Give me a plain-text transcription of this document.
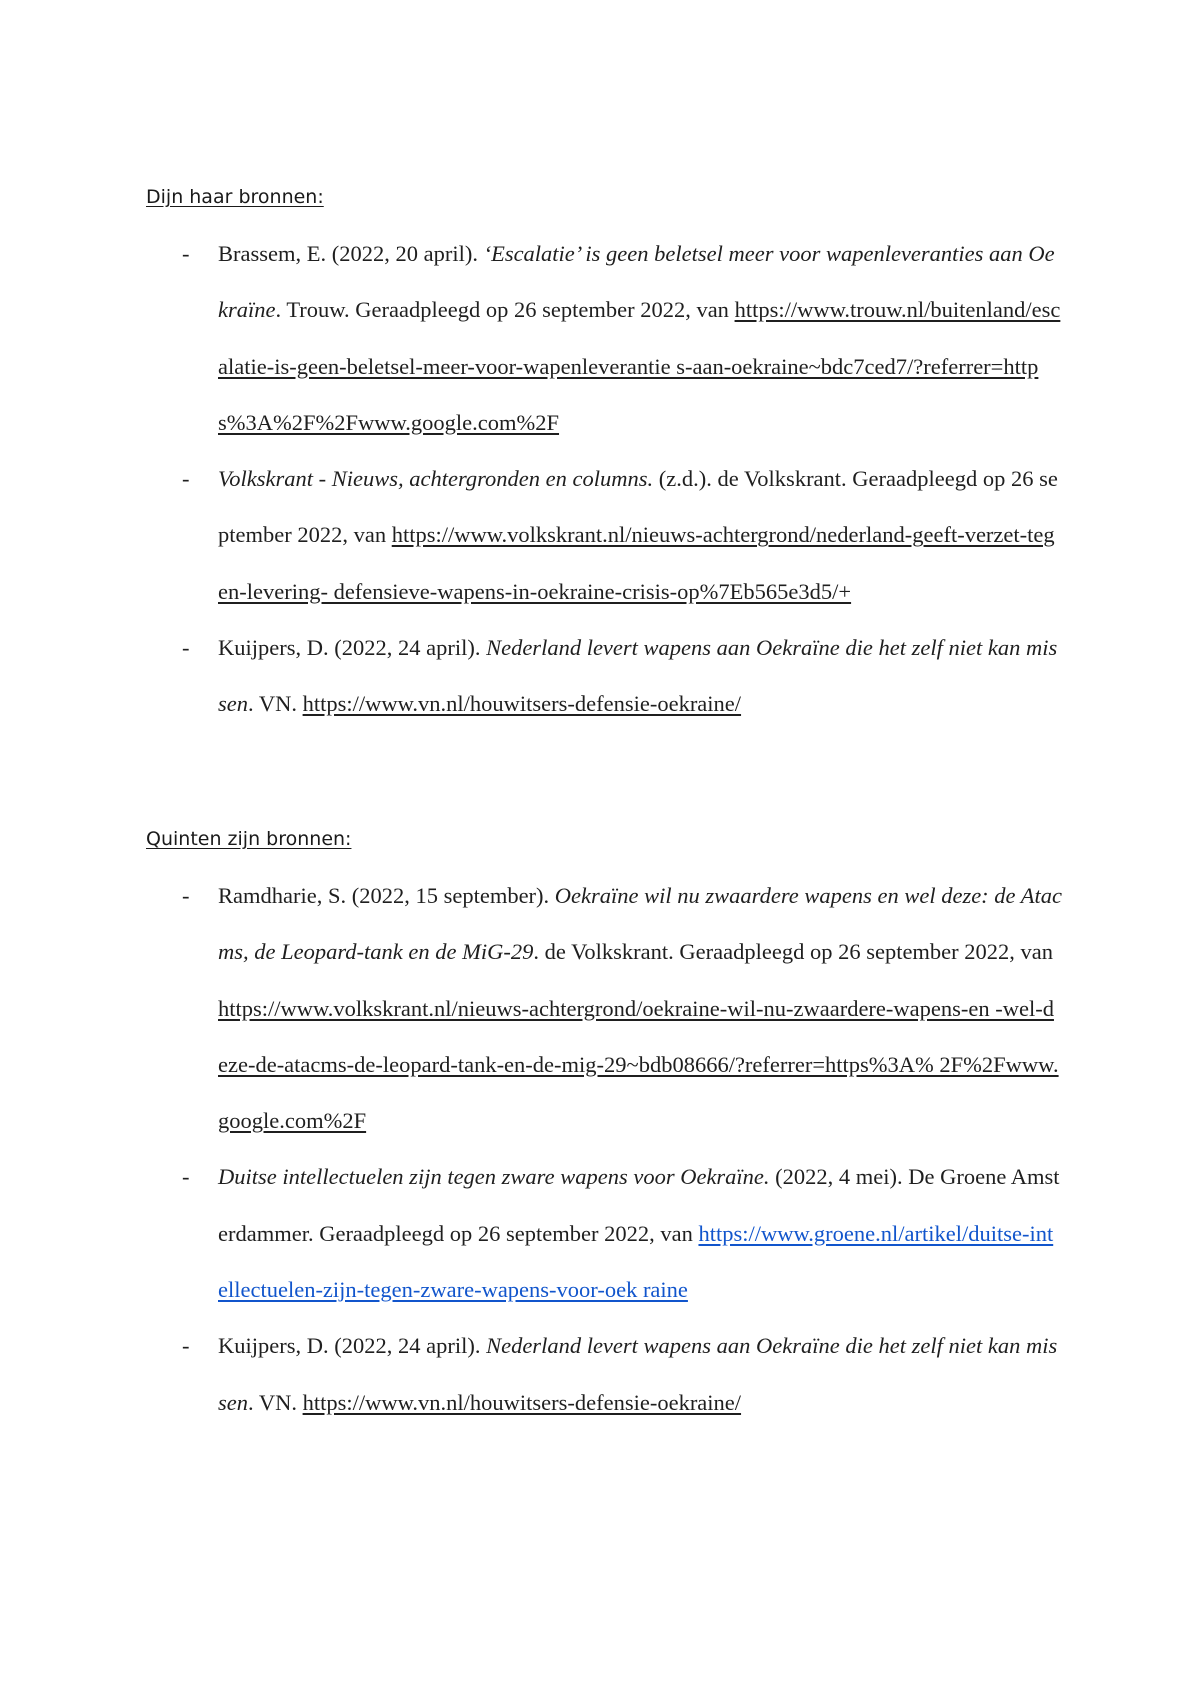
Dijn haar bronnen:
- Brassem, E. (2022, 20 april). ‘Escalatie’ is geen beletsel meer voor wapenleveranties aan Oekraïne. Trouw. Geraadpleegd op 26 september 2022, van https://www.trouw.nl/buitenland/escalatie-is-geen-beletsel-meer-voor-wapenleverantie s-aan-oekraine~bdc7ced7/?referrer=https%3A%2F%2Fwww.google.com%2F
- Volkskrant - Nieuws, achtergronden en columns. (z.d.). de Volkskrant. Geraadpleegd op 26 september 2022, van https://www.volkskrant.nl/nieuws-achtergrond/nederland-geeft-verzet-tegen-levering- defensieve-wapens-in-oekraine-crisis-op%7Eb565e3d5/+
- Kuijpers, D. (2022, 24 april). Nederland levert wapens aan Oekraïne die het zelf niet kan missen. VN. https://www.vn.nl/houwitsers-defensie-oekraine/
Quinten zijn bronnen:
- Ramdharie, S. (2022, 15 september). Oekraïne wil nu zwaardere wapens en wel deze: de Atacms, de Leopard-tank en de MiG-29. de Volkskrant. Geraadpleegd op 26 september 2022, van https://www.volkskrant.nl/nieuws-achtergrond/oekraine-wil-nu-zwaardere-wapens-en -wel-deze-de-atacms-de-leopard-tank-en-de-mig-29~bdb08666/?referrer=https%3A% 2F%2Fwww.google.com%2F
- Duitse intellectuelen zijn tegen zware wapens voor Oekraïne. (2022, 4 mei). De Groene Amsterdammer. Geraadpleegd op 26 september 2022, van https://www.groene.nl/artikel/duitse-intellectuelen-zijn-tegen-zware-wapens-voor-oek raine
- Kuijpers, D. (2022, 24 april). Nederland levert wapens aan Oekraïne die het zelf niet kan missen. VN. https://www.vn.nl/houwitsers-defensie-oekraine/
